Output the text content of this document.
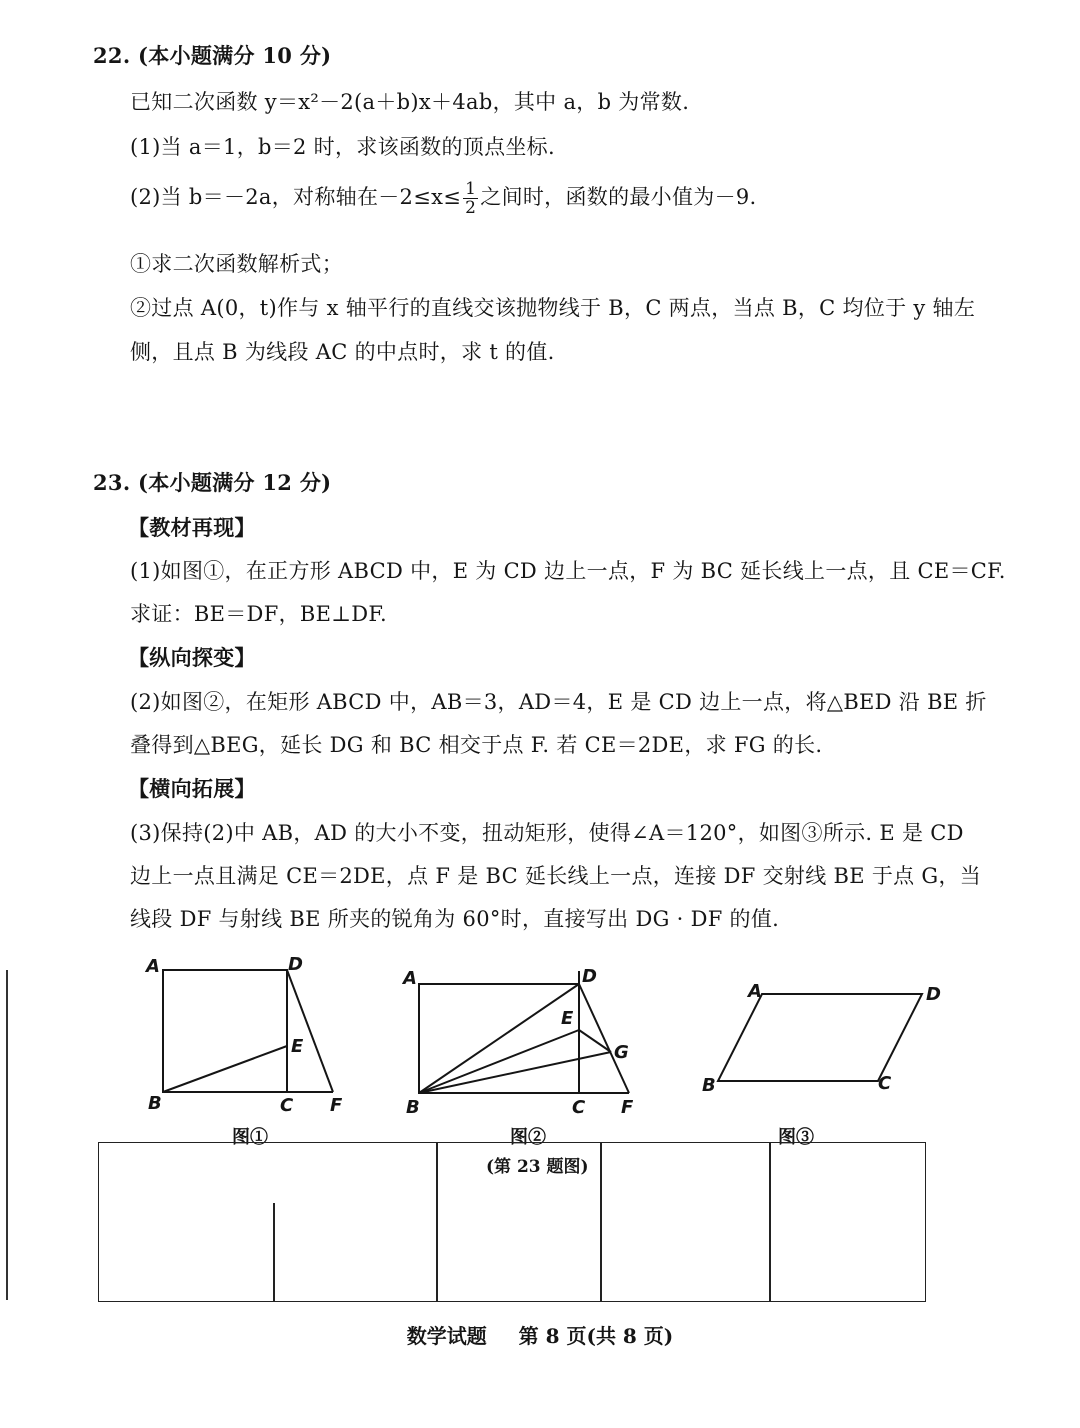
22. (本小题满分 10 分)
已知二次函数 y＝x²－2(a＋b)x＋4ab，其中 a，b 为常数.
(1)当 a＝1，b＝2 时，求该函数的顶点坐标.
(2)当 b＝－2a，对称轴在$-2\le x\le \frac{1}{2}$ 之间时，函数的最小值为－9.
①求二次函数解析式；
②过点 A(0，t)作与 x 轴平行的直线交该抛物线于 B，C 两点，当点 B，C 均位于 y 轴左
侧，且点 B 为线段 AC 的中点时，求 t 的值.
23. (本小题满分 12 分)
【教材再现】
(1)如图①，在正方形 ABCD 中，E 为 CD 边上一点，F 为 BC 延长线上一点，且 CE＝CF.
求证：BE＝DF，BE⊥DF.
【纵向探变】
(2)如图②，在矩形 ABCD 中，AB＝3，AD＝4，E 是 CD 边上一点，将△BED 沿 BE 折
叠得到△BEG，延长 DG 和 BC 相交于点 F. 若 CE＝2DE，求 FG 的长.
【横向拓展】
(3)保持(2)中 AB，AD 的大小不变，扭动矩形，使得∠A＝120°，如图③所示. E 是 CD
边上一点且满足 CE＝2DE，点 F 是 BC 延长线上一点，连接 DF 交射线 BE 于点 G，当
线段 DF 与射线 BE 所夹的锐角为 60°时，直接写出 DG · DF 的值.
A	D
E
B	C F
图①
A	D
E
G
B	C F
图②
A	D
B	C
图③
(第 23 题图)
数学试题 第 8 页(共 8 页)
